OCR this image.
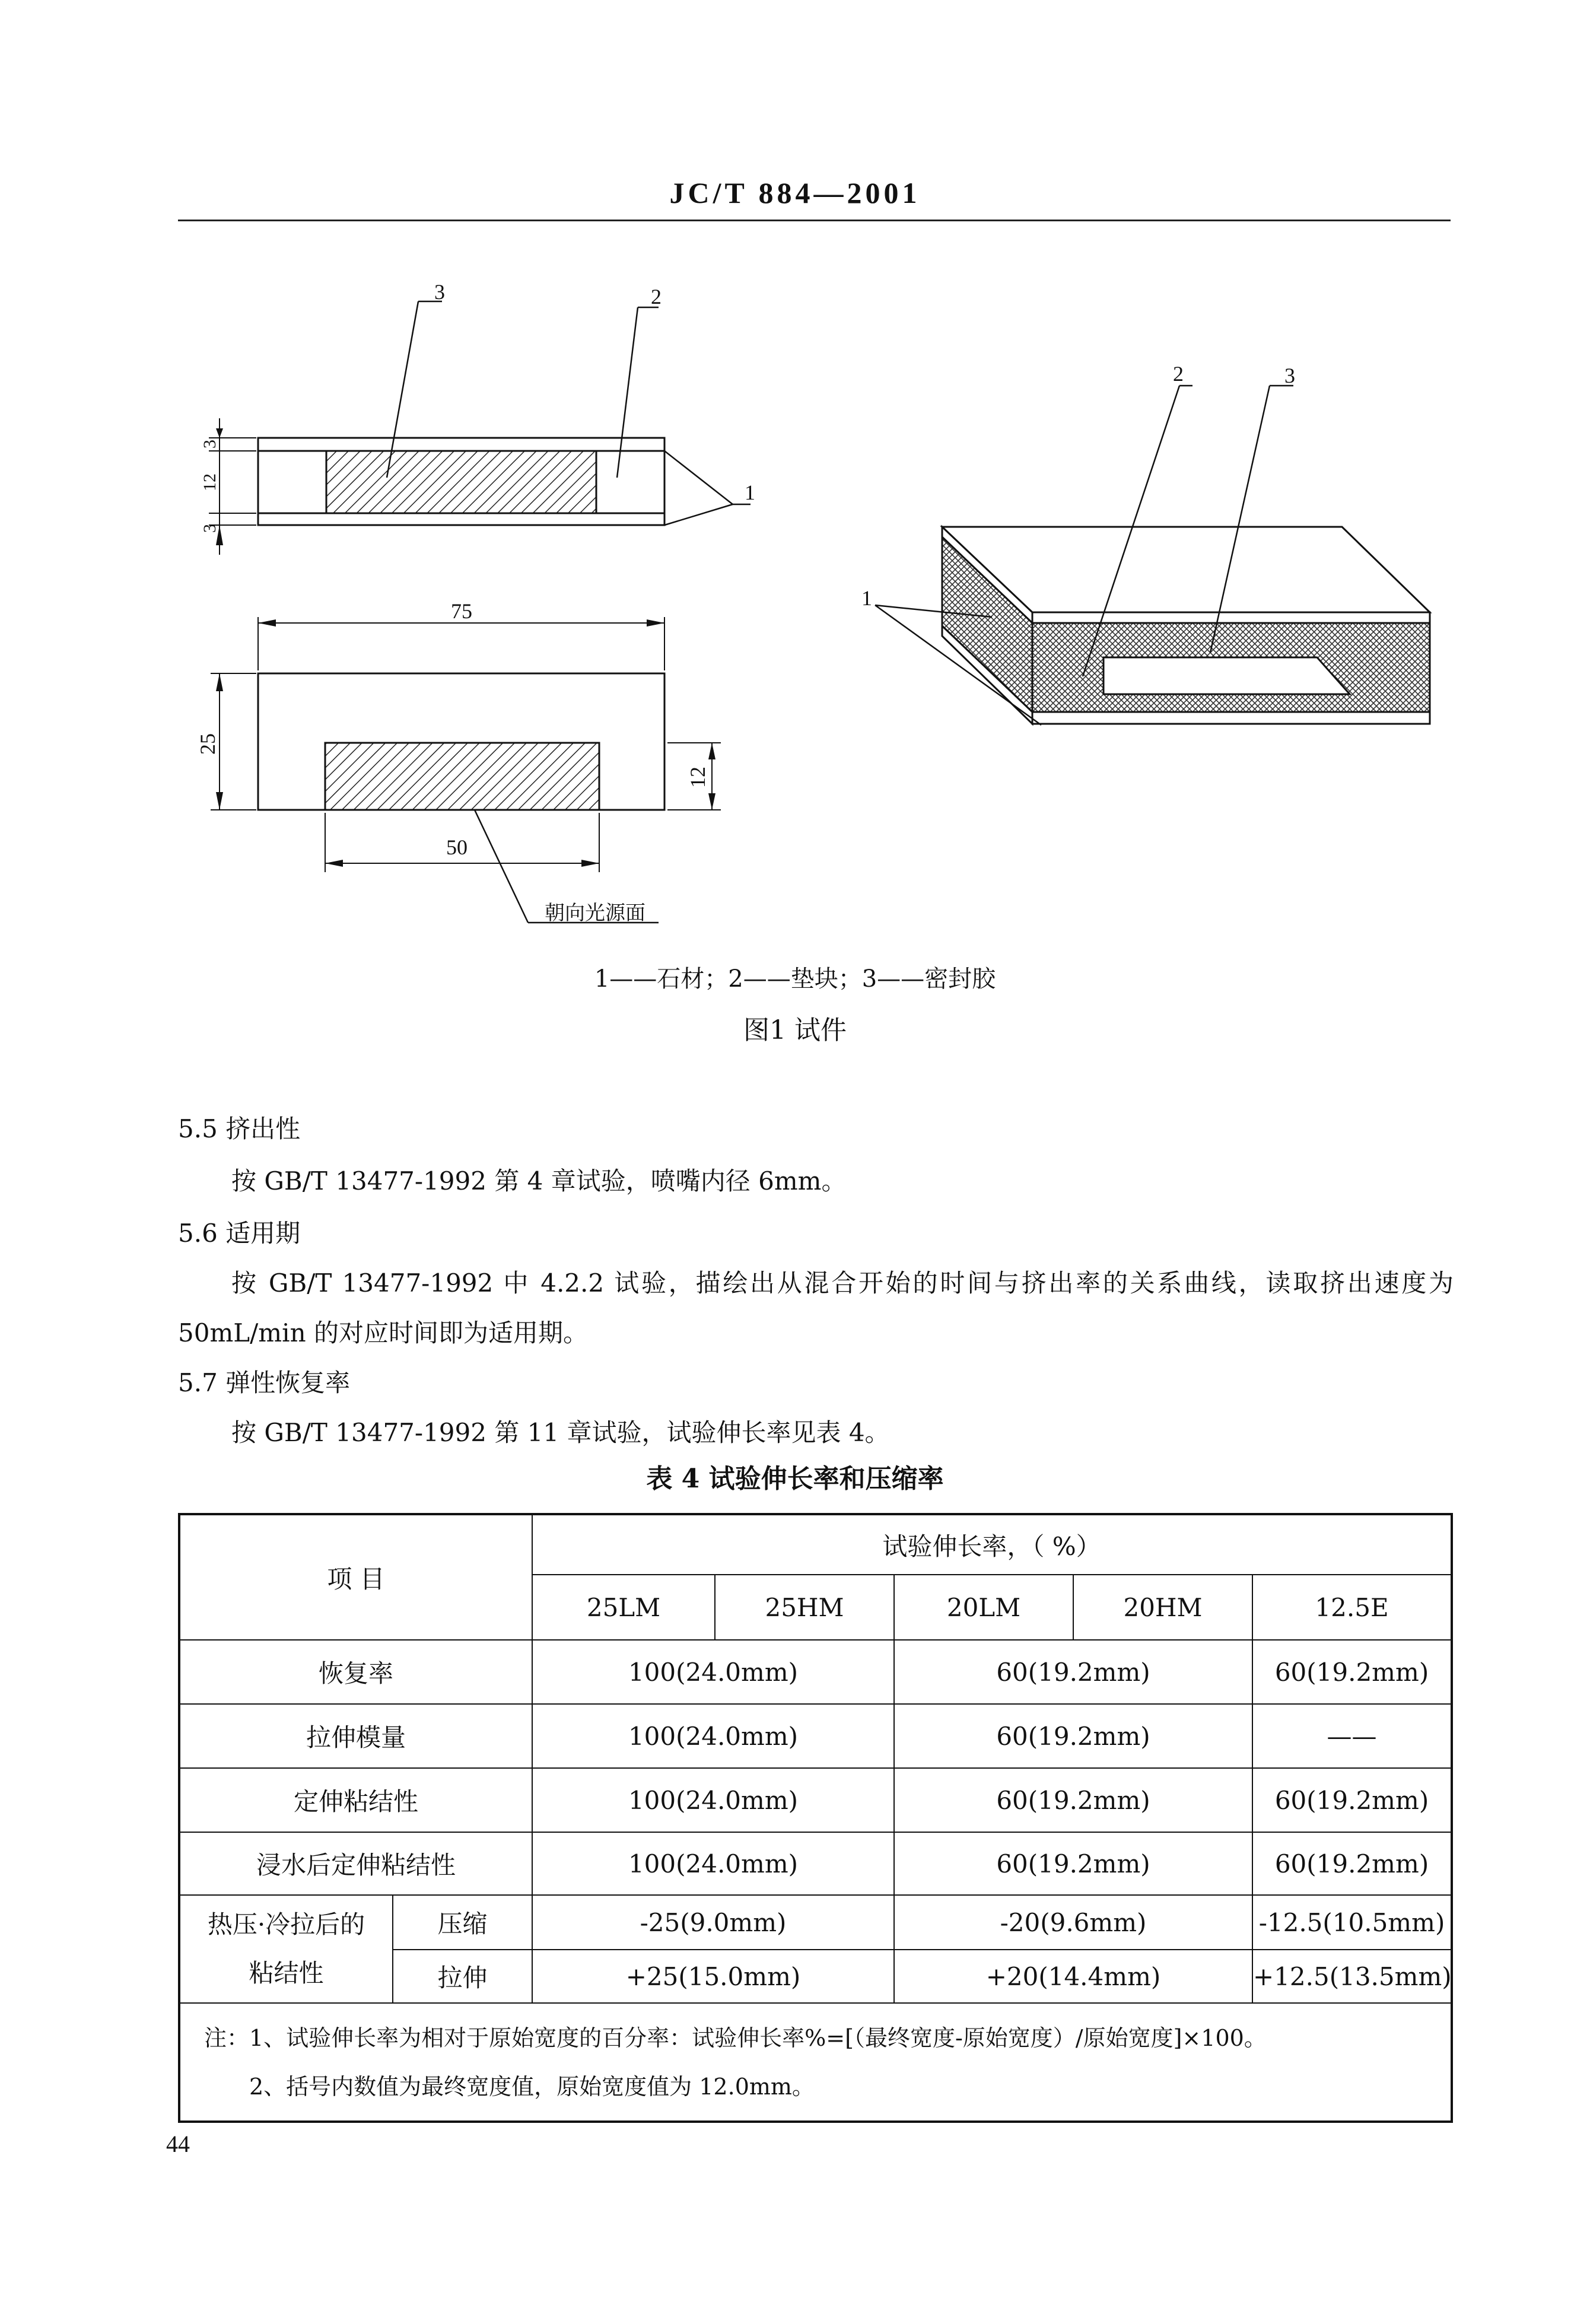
JC/T 884—2001
3	2
1
2	3
1
75
50
25
12
3
12
3
朝向光源面
1——石材；2——垫块；3——密封胶
图1 试件
5.5 挤出性
按 GB/T 13477-1992 第 4 章试验，喷嘴内径 6mm。
5.6 适用期
按 GB/T 13477-1992 中 4.2.2 试验，描绘出从混合开始的时间与挤出率的关系曲线，读取挤出速度为
50mL/min 的对应时间即为适用期。
5.7 弹性恢复率
按 GB/T 13477-1992 第 11 章试验，试验伸长率见表 4。
表 4 试验伸长率和压缩率
项 目		试验伸长率，（ %）				
		25LM	25HM	20LM	20HM	12.5E
恢复率		100(24.0mm)		60(19.2mm)		60(19.2mm)
拉伸模量		100(24.0mm)		60(19.2mm)		——
定伸粘结性		100(24.0mm)		60(19.2mm)		60(19.2mm)
浸水后定伸粘结性		100(24.0mm)		60(19.2mm)		60(19.2mm)
热压·冷拉后的
粘结性	压缩	-25(9.0mm)		-20(9.6mm)		-12.5(10.5mm)
	拉伸	+25(15.0mm)		+20(14.4mm)		+12.5(13.5mm)

注：1、试验伸长率为相对于原始宽度的百分率：试验伸长率%=[（最终宽度-原始宽度）/原始宽度]×100。
2、括号内数值为最终宽度值，原始宽度值为 12.0mm。						
44
